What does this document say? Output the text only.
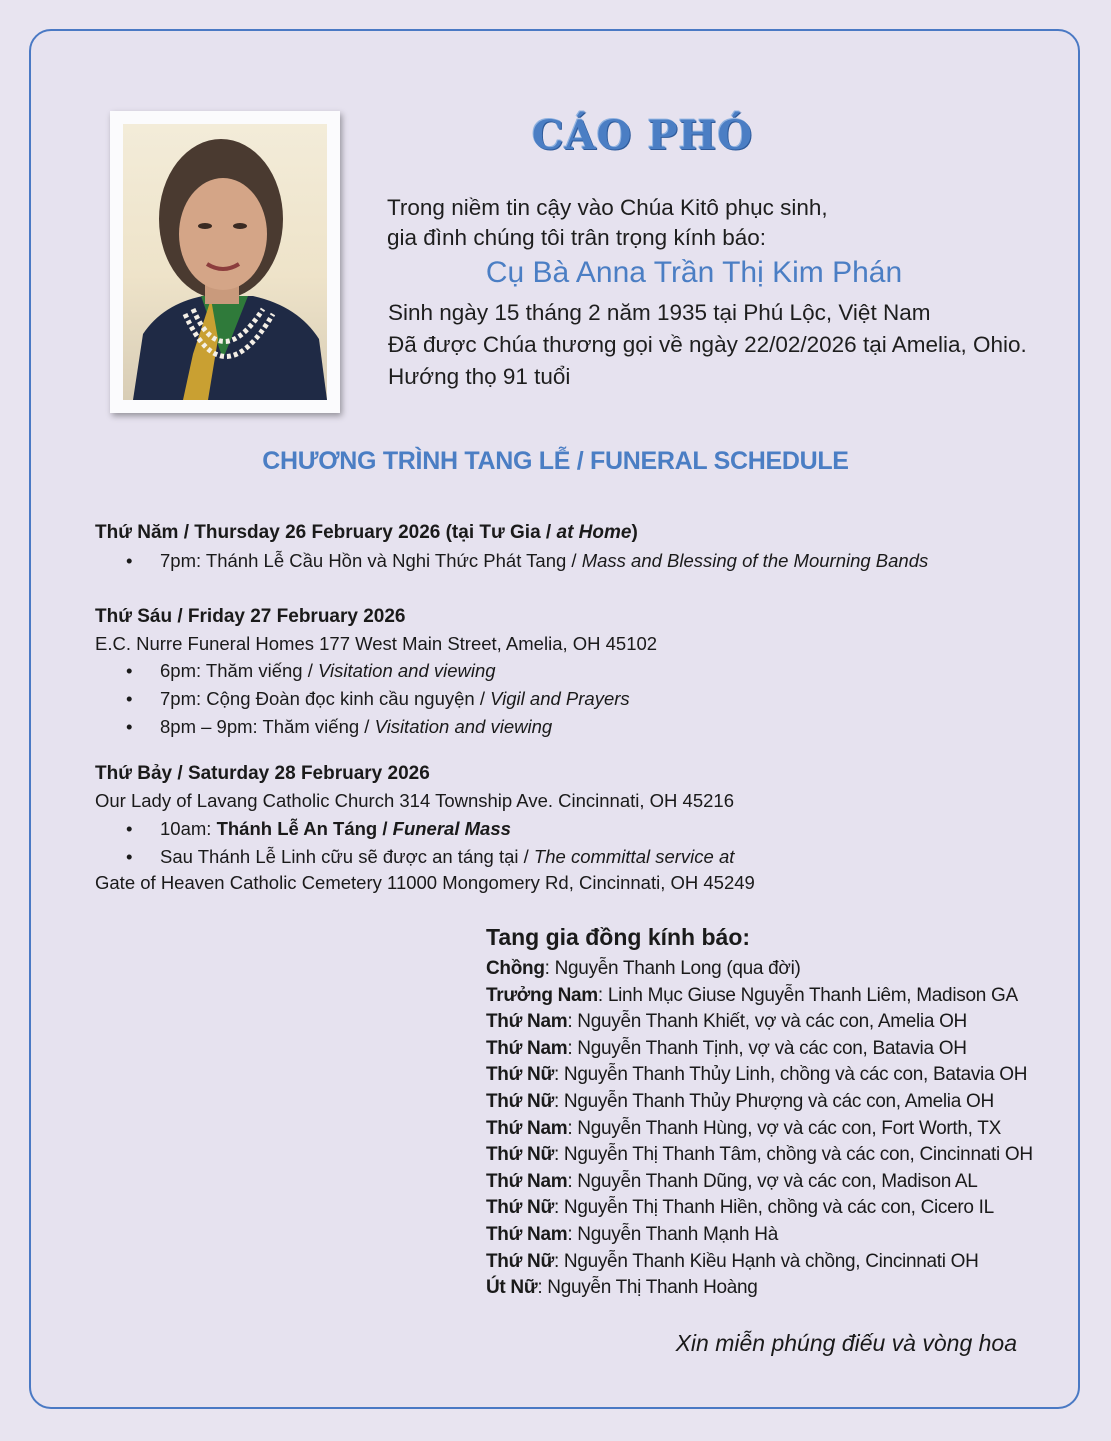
CÁO PHÓ
Trong niềm tin cậy vào Chúa Kitô phục sinh,
gia đình chúng tôi trân trọng kính báo:
Cụ Bà Anna Trần Thị Kim Phán
Sinh ngày 15 tháng 2 năm 1935 tại Phú Lộc, Việt Nam
Đã được Chúa thương gọi về ngày 22/02/2026 tại Amelia, Ohio.
Hướng thọ 91 tuổi
CHƯƠNG TRÌNH TANG LỄ / FUNERAL SCHEDULE
Thứ Năm / Thursday 26 February 2026 (tại Tư Gia / at Home)
• 7pm: Thánh Lễ Cầu Hồn và Nghi Thức Phát Tang / Mass and Blessing of the Mourning Bands
Thứ Sáu / Friday 27 February 2026
E.C. Nurre Funeral Homes 177 West Main Street, Amelia, OH 45102
• 6pm: Thăm viếng / Visitation and viewing
• 7pm: Cộng Đoàn đọc kinh cầu nguyện / Vigil and Prayers
• 8pm – 9pm: Thăm viếng / Visitation and viewing
Thứ Bảy / Saturday 28 February 2026
Our Lady of Lavang Catholic Church 314 Township Ave. Cincinnati, OH 45216
• 10am: Thánh Lễ An Táng / Funeral Mass
• Sau Thánh Lễ Linh cữu sẽ được an táng tại / The committal service at
Gate of Heaven Catholic Cemetery 11000 Mongomery Rd, Cincinnati, OH 45249
Tang gia đồng kính báo:
Chồng: Nguyễn Thanh Long (qua đời)
Trưởng Nam: Linh Mục Giuse Nguyễn Thanh Liêm, Madison GA
Thứ Nam: Nguyễn Thanh Khiết, vợ và các con, Amelia OH
Thứ Nam: Nguyễn Thanh Tịnh, vợ và các con, Batavia OH
Thứ Nữ: Nguyễn Thanh Thủy Linh, chồng và các con, Batavia OH
Thứ Nữ: Nguyễn Thanh Thủy Phượng và các con, Amelia OH
Thứ Nam: Nguyễn Thanh Hùng, vợ và các con, Fort Worth, TX
Thứ Nữ: Nguyễn Thị Thanh Tâm, chồng và các con, Cincinnati OH
Thứ Nam: Nguyễn Thanh Dũng, vợ và các con, Madison AL
Thứ Nữ: Nguyễn Thị Thanh Hiền, chồng và các con, Cicero IL
Thứ Nam: Nguyễn Thanh Mạnh Hà
Thứ Nữ: Nguyễn Thanh Kiều Hạnh và chồng, Cincinnati OH
Út Nữ: Nguyễn Thị Thanh Hoàng
Xin miễn phúng điếu và vòng hoa
